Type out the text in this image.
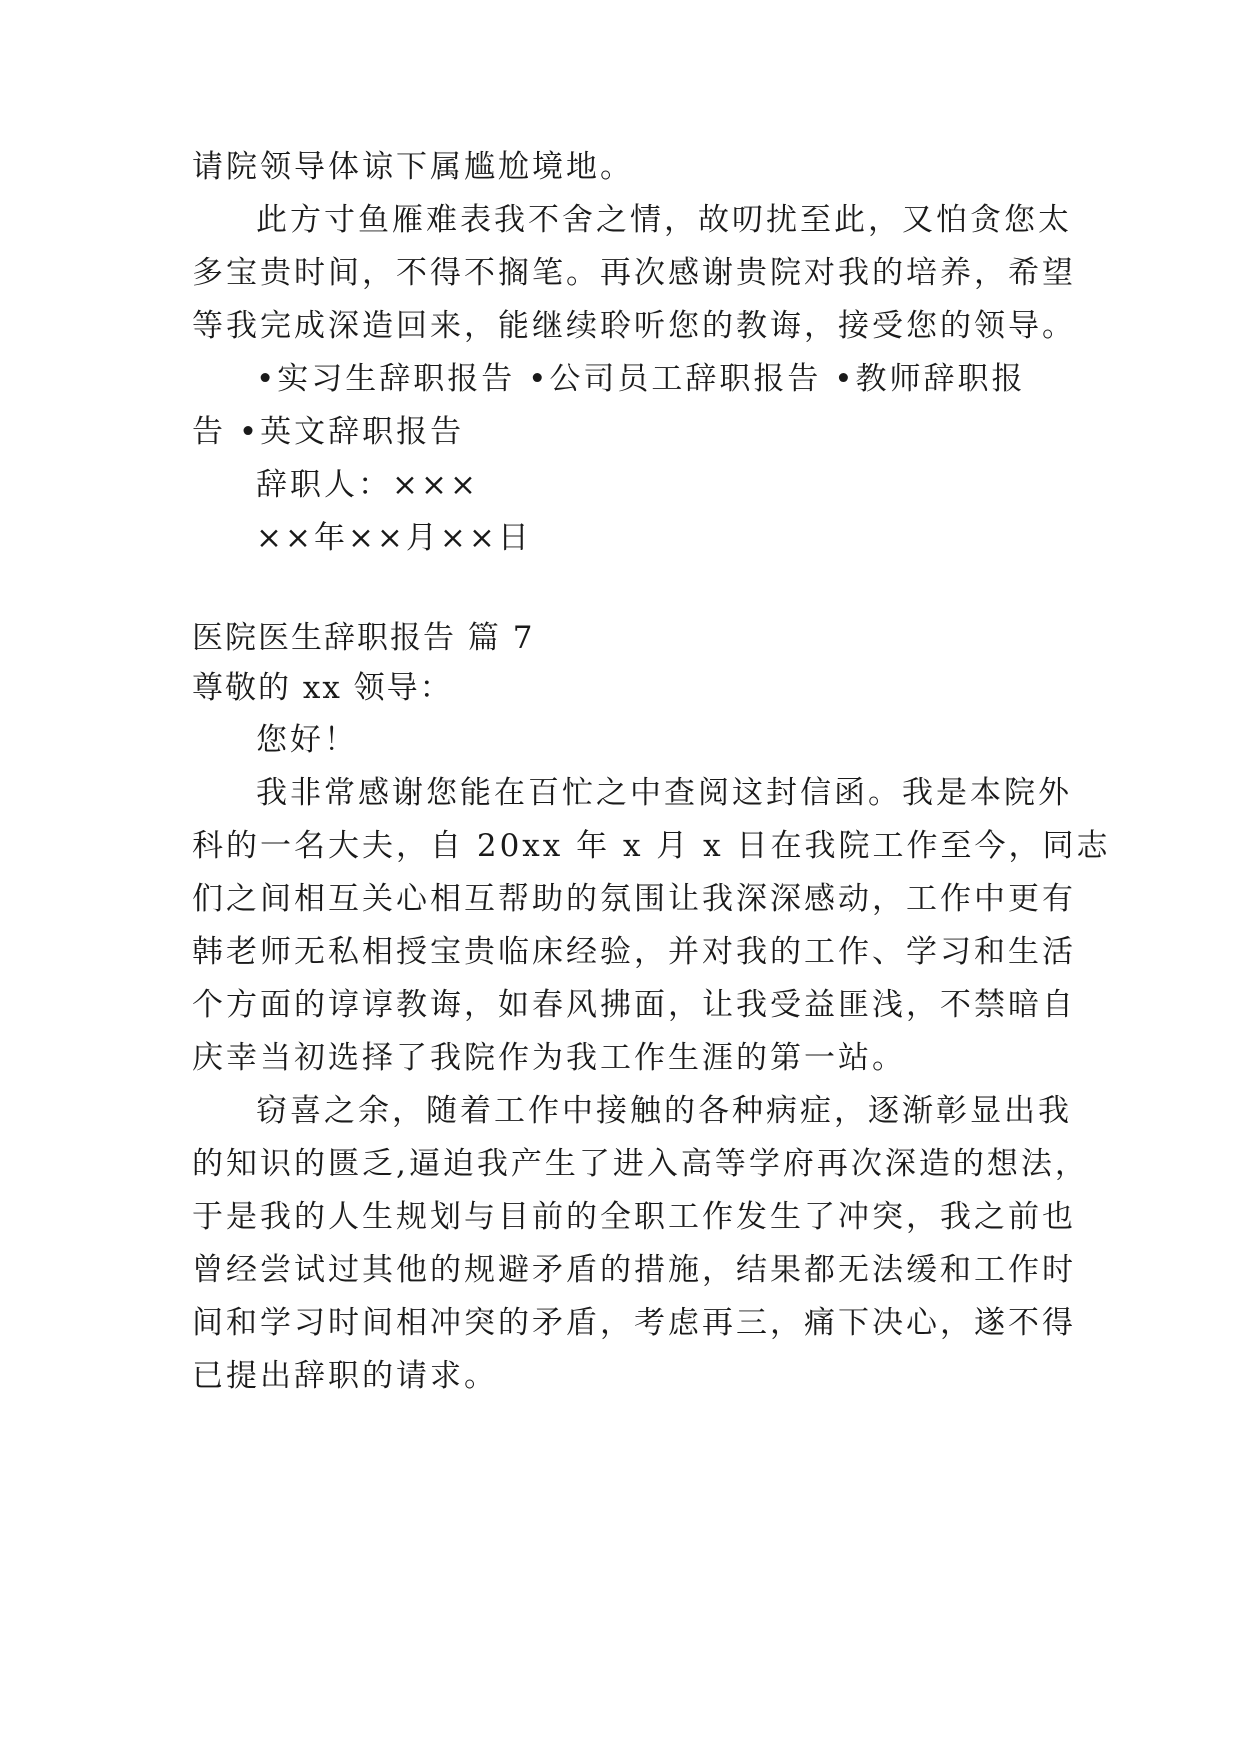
请院领导体谅下属尴尬境地。
此方寸鱼雁难表我不舍之情，故叨扰至此，又怕贪您太
多宝贵时间，不得不搁笔。再次感谢贵院对我的培养，希望
等我完成深造回来，能继续聆听您的教诲，接受您的领导。
•实习生辞职报告 •公司员工辞职报告 •教师辞职报
告 •英文辞职报告
辞职人：×××
××年××月××日
医院医生辞职报告 篇 7
尊敬的 xx 领导：
您好！
我非常感谢您能在百忙之中查阅这封信函。我是本院外
科的一名大夫，自 20xx 年 x 月 x 日在我院工作至今，同志
们之间相互关心相互帮助的氛围让我深深感动，工作中更有
韩老师无私相授宝贵临床经验，并对我的工作、学习和生活
个方面的谆谆教诲，如春风拂面，让我受益匪浅，不禁暗自
庆幸当初选择了我院作为我工作生涯的第一站。
窃喜之余，随着工作中接触的各种病症，逐渐彰显出我
的知识的匮乏,逼迫我产生了进入高等学府再次深造的想法，
于是我的人生规划与目前的全职工作发生了冲突，我之前也
曾经尝试过其他的规避矛盾的措施，结果都无法缓和工作时
间和学习时间相冲突的矛盾，考虑再三，痛下决心，遂不得
已提出辞职的请求。
